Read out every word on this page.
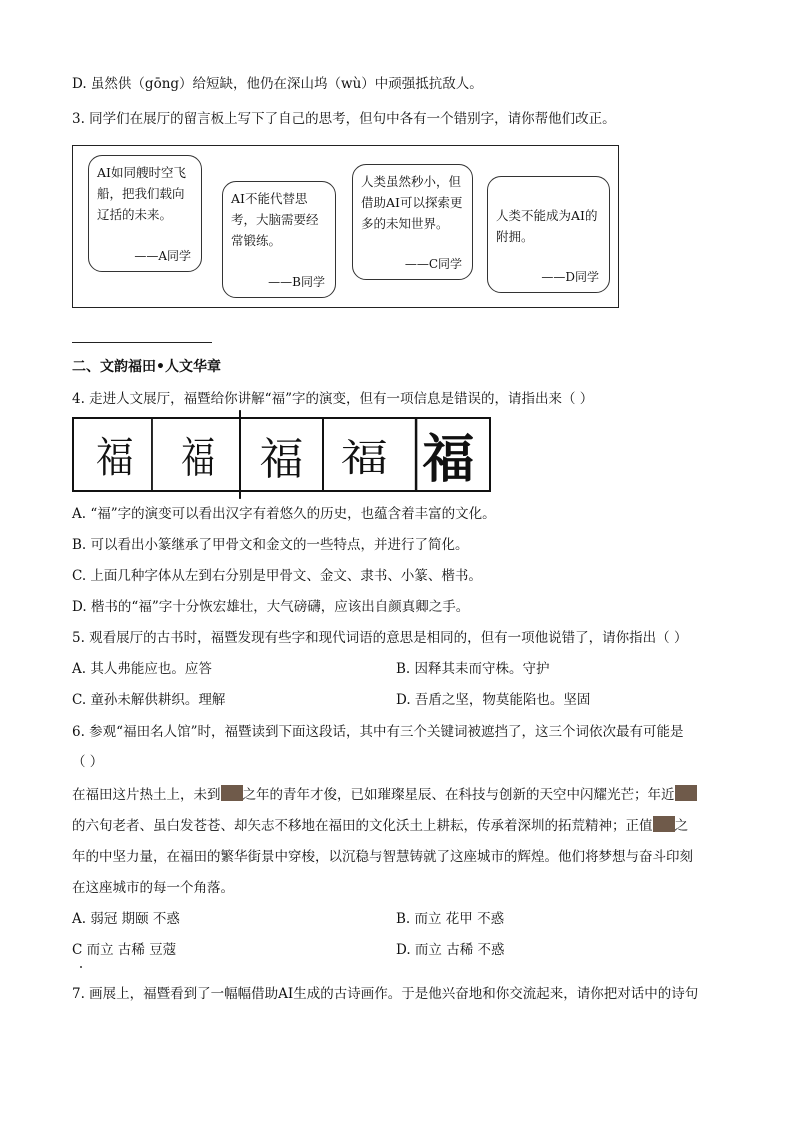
D. 虽然供（gōng）给短缺，他仍在深山坞（wù）中顽强抵抗敌人。
3. 同学们在展厅的留言板上写下了自己的思考，但句中各有一个错别字，请你帮他们改正。
AI如同艘时空飞船，把我们载向辽括的未来。
——A同学
AI不能代替思考，大脑需要经常锻练。
——B同学
人类虽然秒小，但借助AI可以探索更多的未知世界。
——C同学
人类不能成为AI的附拥。
——D同学
二、文韵福田•人文华章
4. 走进人文展厅，福暨给你讲解“福”字的演变，但有一项信息是错误的，请指出来（ ）
福	福	福 福 福
A. “福”字的演变可以看出汉字有着悠久的历史，也蕴含着丰富的文化。
B. 可以看出小篆继承了甲骨文和金文的一些特点，并进行了简化。
C. 上面几种字体从左到右分别是甲骨文、金文、隶书、小篆、楷书。
D. 楷书的“福”字十分恢宏雄壮，大气磅礴，应该出自颜真卿之手。
5. 观看展厅的古书时，福暨发现有些字和现代词语的意思是相同的，但有一项他说错了，请你指出（ ）
A. 其人弗能应也。应答	B. 因释其耒而守株。守护
C. 童孙未解供耕织。理解	D. 吾盾之坚，物莫能陷也。坚固
6. 参观“福田名人馆”时，福暨读到下面这段话，其中有三个关键词被遮挡了，这三个词依次最有可能是
（ ）
在福田这片热土上，未到 之年的青年才俊，已如璀璨星辰、在科技与创新的天空中闪耀光芒；年近
的六旬老者、虽白发苍苍、却矢志不移地在福田的文化沃土上耕耘，传承着深圳的拓荒精神；正值 之
年的中坚力量，在福田的繁华街景中穿梭，以沉稳与智慧铸就了这座城市的辉煌。他们将梦想与奋斗印刻
在这座城市的每一个角落。
A. 弱冠 期颐 不惑	B. 而立 花甲 不惑
C 而立 古稀 豆蔻	D. 而立 古稀 不惑
7. 画展上，福暨看到了一幅幅借助AI生成的古诗画作。于是他兴奋地和你交流起来，请你把对话中的诗句
